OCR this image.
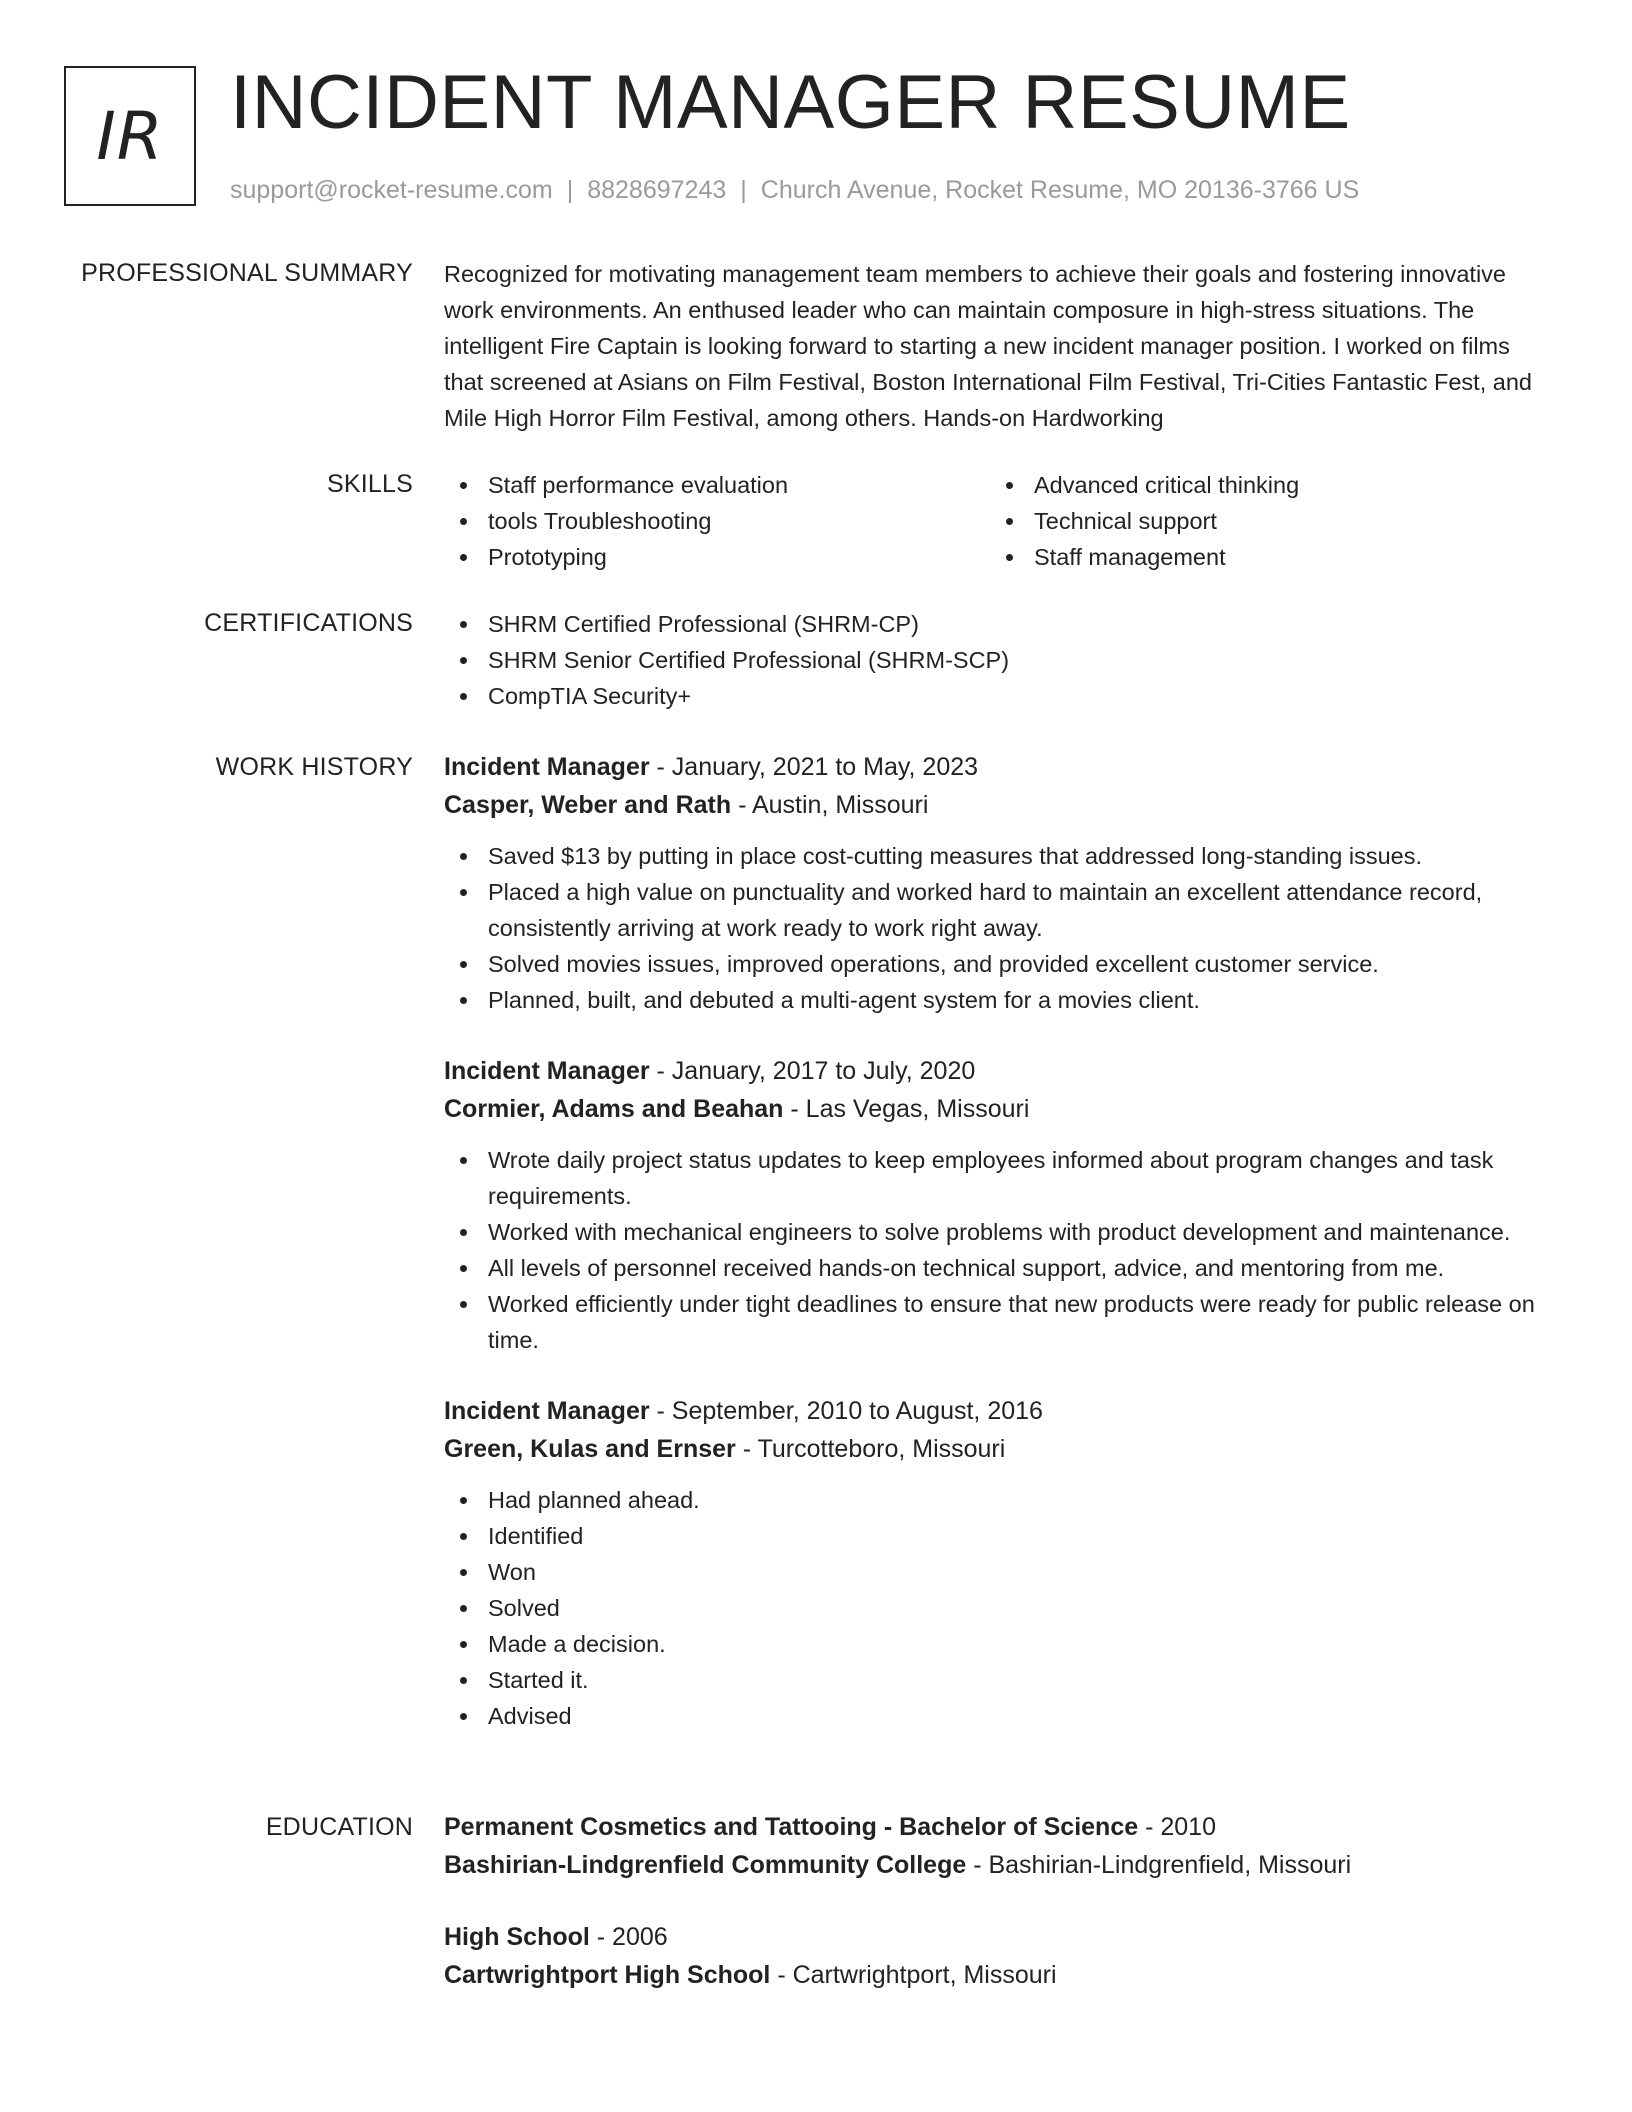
IR INCIDENT MANAGER RESUME
support@rocket-resume.com | 8828697243 | Church Avenue, Rocket Resume, MO 20136-3766 US
PROFESSIONAL SUMMARY Recognized for motivating management team members to achieve their goals and fostering innovative work environments. An enthused leader who can maintain composure in high-stress situations. The intelligent Fire Captain is looking forward to starting a new incident manager position. I worked on films that screened at Asians on Film Festival, Boston International Film Festival, Tri-Cities Fantastic Fest, and Mile High Horror Film Festival, among others. Hands-on Hardworking

SKILLS	Staff performance evaluation	Advanced critical thinking
tools Troubleshooting	Technical support
Prototyping	Staff management
CERTIFICATIONS	SHRM Certified Professional (SHRM-CP)
SHRM Senior Certified Professional (SHRM-SCP)
CompTIA Security+
WORK HISTORY Incident Manager - January, 2021 to May, 2023
Casper, Weber and Rath - Austin, Missouri
Saved $13 by putting in place cost-cutting measures that addressed long-standing issues.
Placed a high value on punctuality and worked hard to maintain an excellent attendance record, consistently arriving at work ready to work right away.
Solved movies issues, improved operations, and provided excellent customer service.
Planned, built, and debuted a multi-agent system for a movies client.
Incident Manager - January, 2017 to July, 2020
Cormier, Adams and Beahan - Las Vegas, Missouri
Wrote daily project status updates to keep employees informed about program changes and task requirements.
Worked with mechanical engineers to solve problems with product development and maintenance.
All levels of personnel received hands-on technical support, advice, and mentoring from me.
Worked efficiently under tight deadlines to ensure that new products were ready for public release on time.
Incident Manager - September, 2010 to August, 2016
Green, Kulas and Ernser - Turcotteboro, Missouri
Had planned ahead.
Identified
Won
Solved
Made a decision.
Started it.
Advised
EDUCATION Permanent Cosmetics and Tattooing - Bachelor of Science - 2010
Bashirian-Lindgrenfield Community College - Bashirian-Lindgrenfield, Missouri
High School - 2006
Cartwrightport High School - Cartwrightport, Missouri
